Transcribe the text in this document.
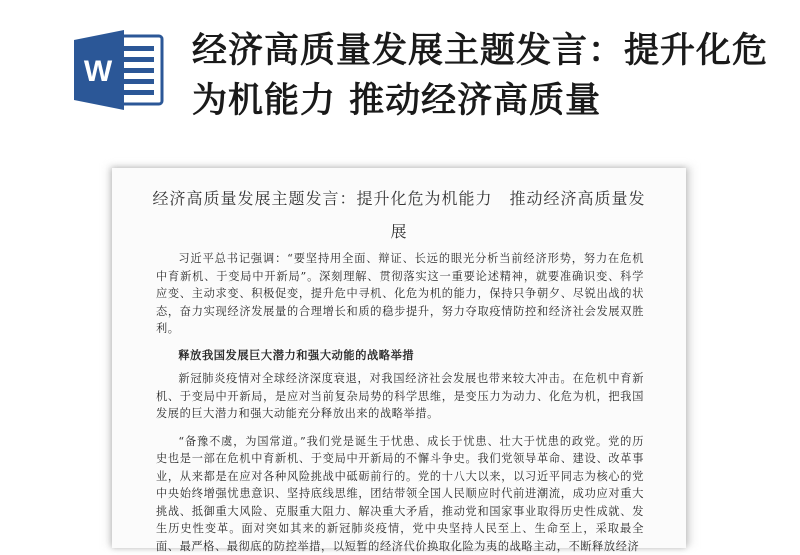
W
经济高质量发展主题发言：提升化危为机能力 推动经济高质量
经济高质量发展主题发言：提升化危为机能力　推动经济高质量发展

习近平总书记强调：“要坚持用全面、辩证、长远的眼光分析当前经济形势，努力在危机中育新机、于变局中开新局”。深刻理解、贯彻落实这一重要论述精神，就要准确识变、科学应变、主动求变、积极促变，提升危中寻机、化危为机的能力，保持只争朝夕、尽锐出战的状态，奋力实现经济发展量的合理增长和质的稳步提升，努力夺取疫情防控和经济社会发展双胜利。

释放我国发展巨大潜力和强大动能的战略举措

新冠肺炎疫情对全球经济深度衰退，对我国经济社会发展也带来较大冲击。在危机中育新机、于变局中开新局，是应对当前复杂局势的科学思维，是变压力为动力、化危为机，把我国发展的巨大潜力和强大动能充分释放出来的战略举措。

“备豫不虞，为国常道。”我们党是诞生于忧患、成长于忧患、壮大于忧患的政党。党的历史也是一部在危机中育新机、于变局中开新局的不懈斗争史。我们党领导革命、建设、改革事业，从来都是在应对各种风险挑战中砥砺前行的。党的十八大以来，以习近平同志为核心的党中央始终增强忧患意识、坚持底线思维，团结带领全国人民顺应时代前进潮流，成功应对重大挑战、抵御重大风险、克服重大阻力、解决重大矛盾，推动党和国家事业取得历史性成就、发生历史性变革。面对突如其来的新冠肺炎疫情，党中央坚持人民至上、生命至上，采取最全面、最严格、最彻底的防控举措，以短暂的经济代价换取化险为夷的战略主动，不断释放经济
